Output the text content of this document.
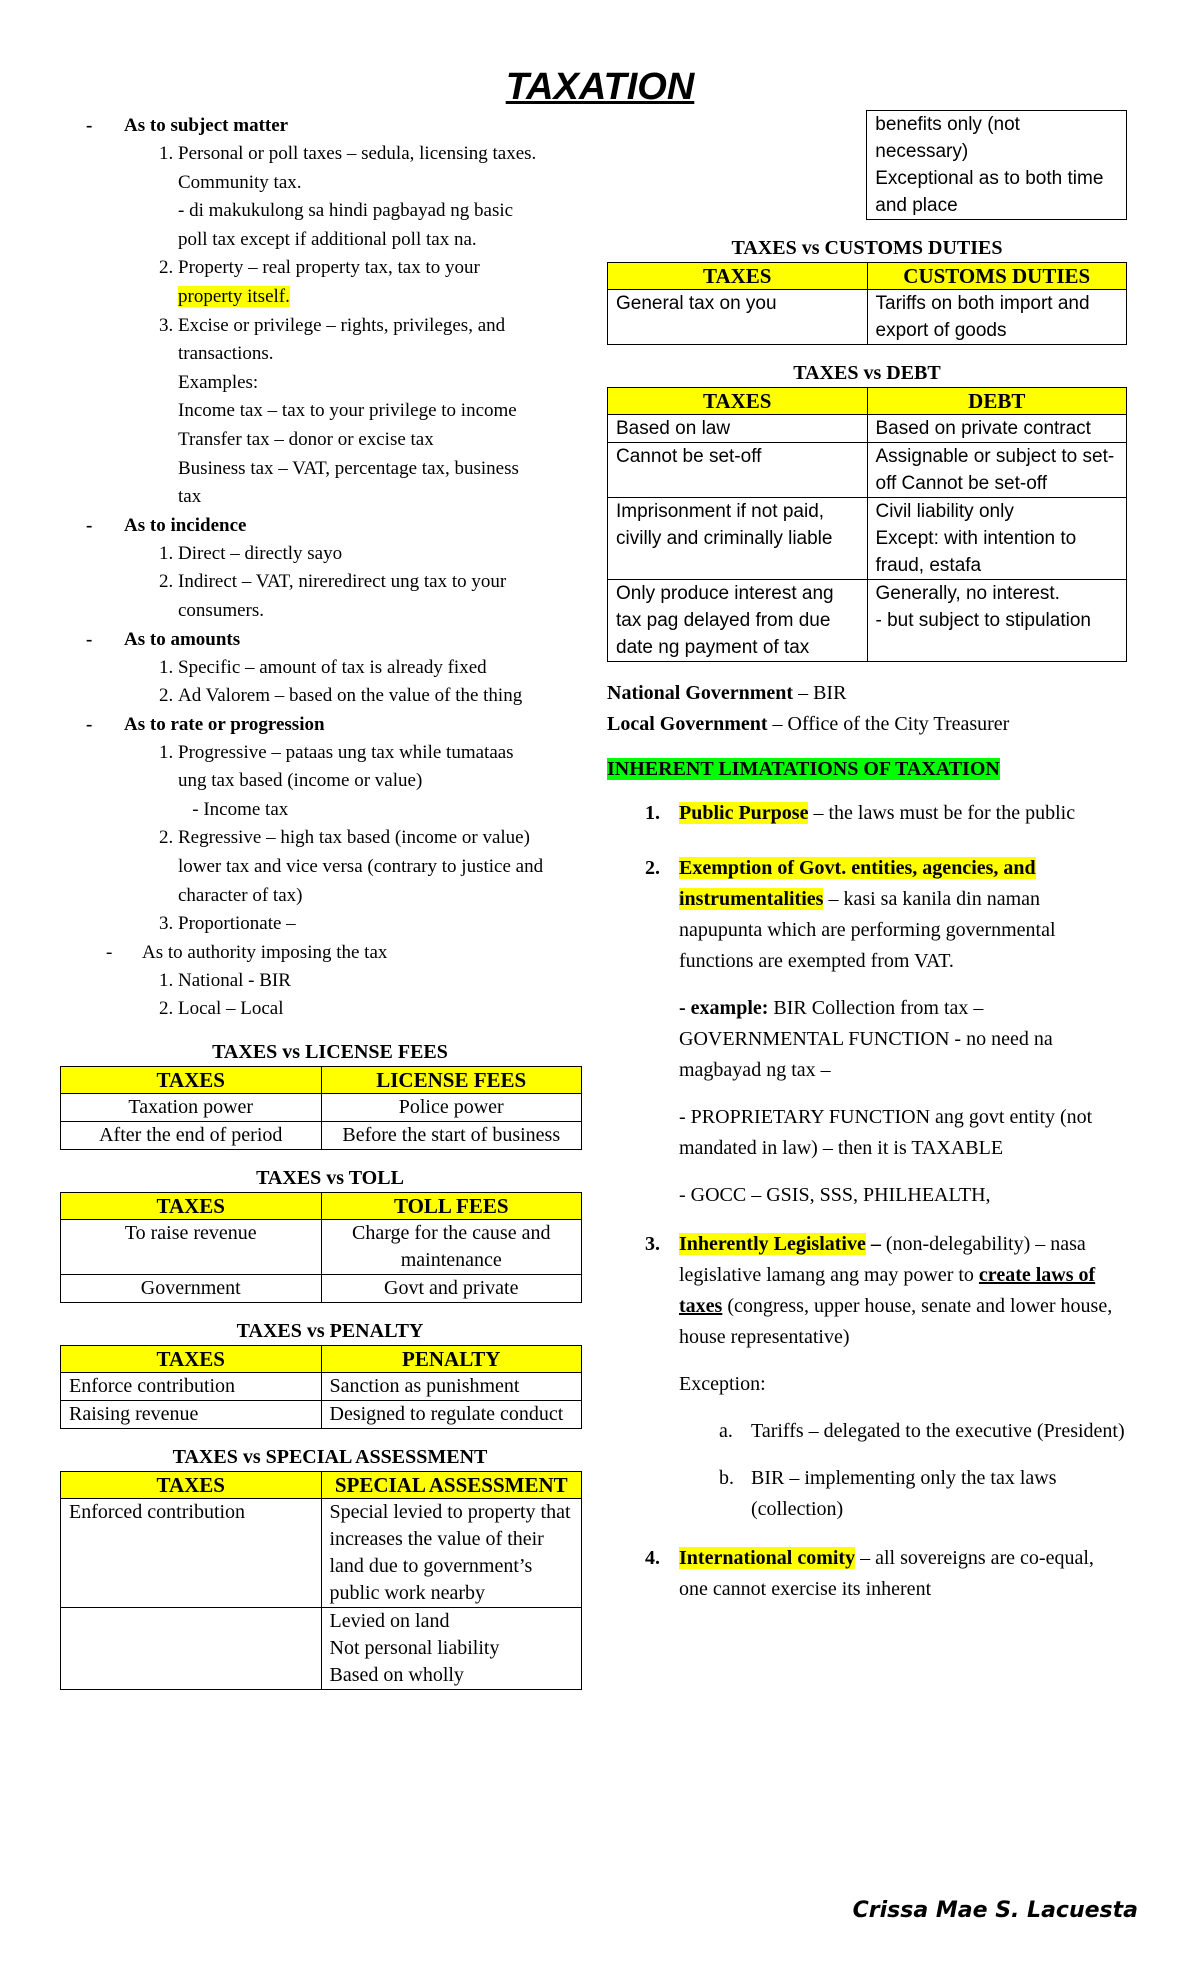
TAXATION
- As to subject matter
1. Personal or poll taxes – sedula, licensing taxes.
Community tax.
- di makukulong sa hindi pagbayad ng basic
poll tax except if additional poll tax na.
2. Property – real property tax, tax to your
property itself.
3. Excise or privilege – rights, privileges, and
transactions.
Examples:
Income tax – tax to your privilege to income
Transfer tax – donor or excise tax
Business tax – VAT, percentage tax, business
tax
- As to incidence
1. Direct – directly sayo
2. Indirect – VAT, nireredirect ung tax to your
consumers.
- As to amounts
1. Specific – amount of tax is already fixed
2. Ad Valorem – based on the value of the thing
- As to rate or progression
1. Progressive – pataas ung tax while tumataas
ung tax based (income or value)
- Income tax
2. Regressive – high tax based (income or value)
lower tax and vice versa (contrary to justice and
character of tax)
3. Proportionate –
- As to authority imposing the tax
1. National - BIR
2. Local – Local
TAXES vs LICENSE FEES
TAXES	LICENSE FEES
Taxation power	Police power
After the end of period	Before the start of business
TAXES vs TOLL
TAXES	TOLL FEES
To raise revenue	Charge for the cause and maintenance
Government	Govt and private
TAXES vs PENALTY
TAXES	PENALTY
Enforce contribution	Sanction as punishment
Raising revenue	Designed to regulate conduct
TAXES vs SPECIAL ASSESSMENT
TAXES	SPECIAL ASSESSMENT
Enforced contribution	Special levied to property that increases the value of their land due to government’s public work nearby
	Levied on land
Not personal liability
Based on wholly
	benefits only (not necessary)
Exceptional as to both time and place
TAXES vs CUSTOMS DUTIES
TAXES	CUSTOMS DUTIES
General tax on you	Tariffs on both import and export of goods
TAXES vs DEBT
TAXES	DEBT
Based on law	Based on private contract
Cannot be set-off	Assignable or subject to set-off Cannot be set-off
Imprisonment if not paid, civilly and criminally liable	Civil liability only
Except: with intention to fraud, estafa
Only produce interest ang tax pag delayed from due date ng payment of tax	Generally, no interest.
- but subject to stipulation
National Government – BIR
Local Government – Office of the City Treasurer
INHERENT LIMATATIONS OF TAXATION
1. Public Purpose – the laws must be for the public

2. Exemption of Govt. entities, agencies, and instrumentalities – kasi sa kanila din naman napupunta which are performing governmental functions are exempted from VAT.

- example: BIR Collection from tax – GOVERNMENTAL FUNCTION - no need na magbayad ng tax –
- PROPRIETARY FUNCTION ang govt entity (not mandated in law) – then it is TAXABLE
- GOCC – GSIS, SSS, PHILHEALTH,
3. Inherently Legislative – (non-delegability) – nasa legislative lamang ang may power to create laws of taxes (congress, upper house, senate and lower house, house representative)

Exception:
a. Tariffs – delegated to the executive (President)
b. BIR – implementing only the tax laws (collection)
4. International comity – all sovereigns are co-equal, one cannot exercise its inherent

Crissa Mae S. Lacuesta
